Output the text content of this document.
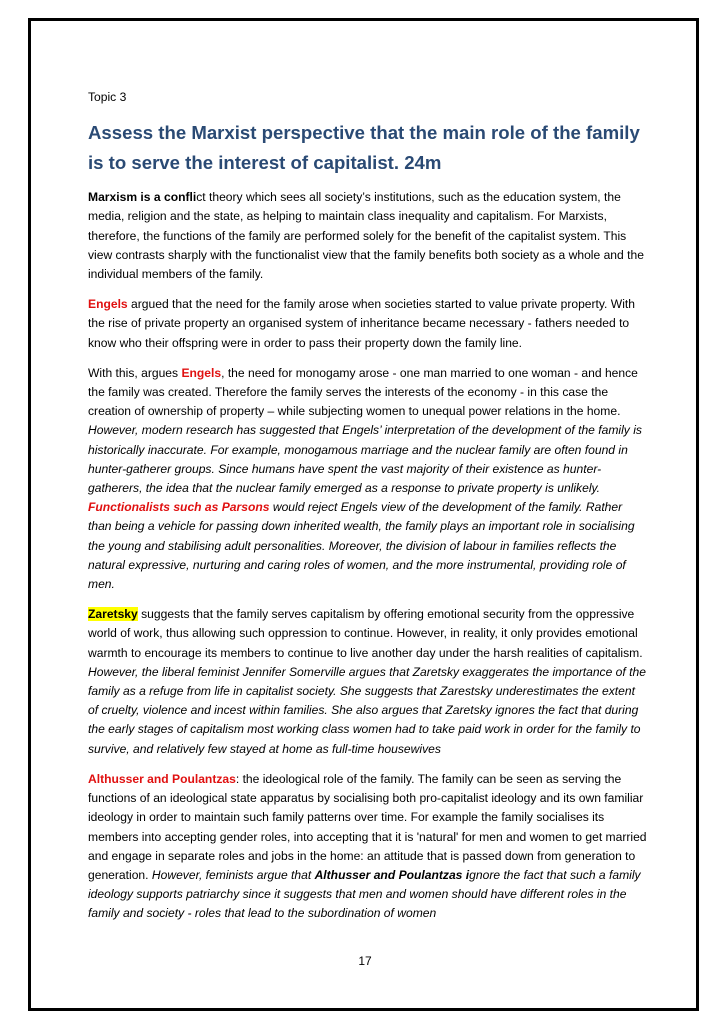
Topic 3
Assess the Marxist perspective that the main role of the family is to serve the interest of capitalist. 24m

Marxism is a conflict theory which sees all society’s institutions, such as the education system, the media, religion and the state, as helping to maintain class inequality and capitalism. For Marxists, therefore, the functions of the family are performed solely for the benefit of the capitalist system. This view contrasts sharply with the functionalist view that the family benefits both society as a whole and the individual members of the family.

Engels argued that the need for the family arose when societies started to value private property. With the rise of private property an organised system of inheritance became necessary - fathers needed to know who their offspring were in order to pass their property down the family line.

With this, argues Engels, the need for monogamy arose - one man married to one woman - and hence the family was created. Therefore the family serves the interests of the economy - in this case the creation of ownership of property – while subjecting women to unequal power relations in the home. However, modern research has suggested that Engels’ interpretation of the development of the family is historically inaccurate. For example, monogamous marriage and the nuclear family are often found in hunter-gatherer groups. Since humans have spent the vast majority of their existence as hunter-gatherers, the idea that the nuclear family emerged as a response to private property is unlikely. Functionalists such as Parsons would reject Engels view of the development of the family. Rather than being a vehicle for passing down inherited wealth, the family plays an important role in socialising the young and stabilising adult personalities. Moreover, the division of labour in families reflects the natural expressive, nurturing and caring roles of women, and the more instrumental, providing role of men.

Zaretsky suggests that the family serves capitalism by offering emotional security from the oppressive world of work, thus allowing such oppression to continue. However, in reality, it only provides emotional warmth to encourage its members to continue to live another day under the harsh realities of capitalism. However, the liberal feminist Jennifer Somerville argues that Zaretsky exaggerates the importance of the family as a refuge from life in capitalist society. She suggests that Zarestsky underestimates the extent of cruelty, violence and incest within families. She also argues that Zaretsky ignores the fact that during the early stages of capitalism most working class women had to take paid work in order for the family to survive, and relatively few stayed at home as full-time housewives

Althusser and Poulantzas: the ideological role of the family. The family can be seen as serving the functions of an ideological state apparatus by socialising both pro-capitalist ideology and its own familiar ideology in order to maintain such family patterns over time. For example the family socialises its members into accepting gender roles, into accepting that it is 'natural' for men and women to get married and engage in separate roles and jobs in the home: an attitude that is passed down from generation to generation. However, feminists argue that Althusser and Poulantzas ignore the fact that such a family ideology supports patriarchy since it suggests that men and women should have different roles in the family and society - roles that lead to the subordination of women

17
